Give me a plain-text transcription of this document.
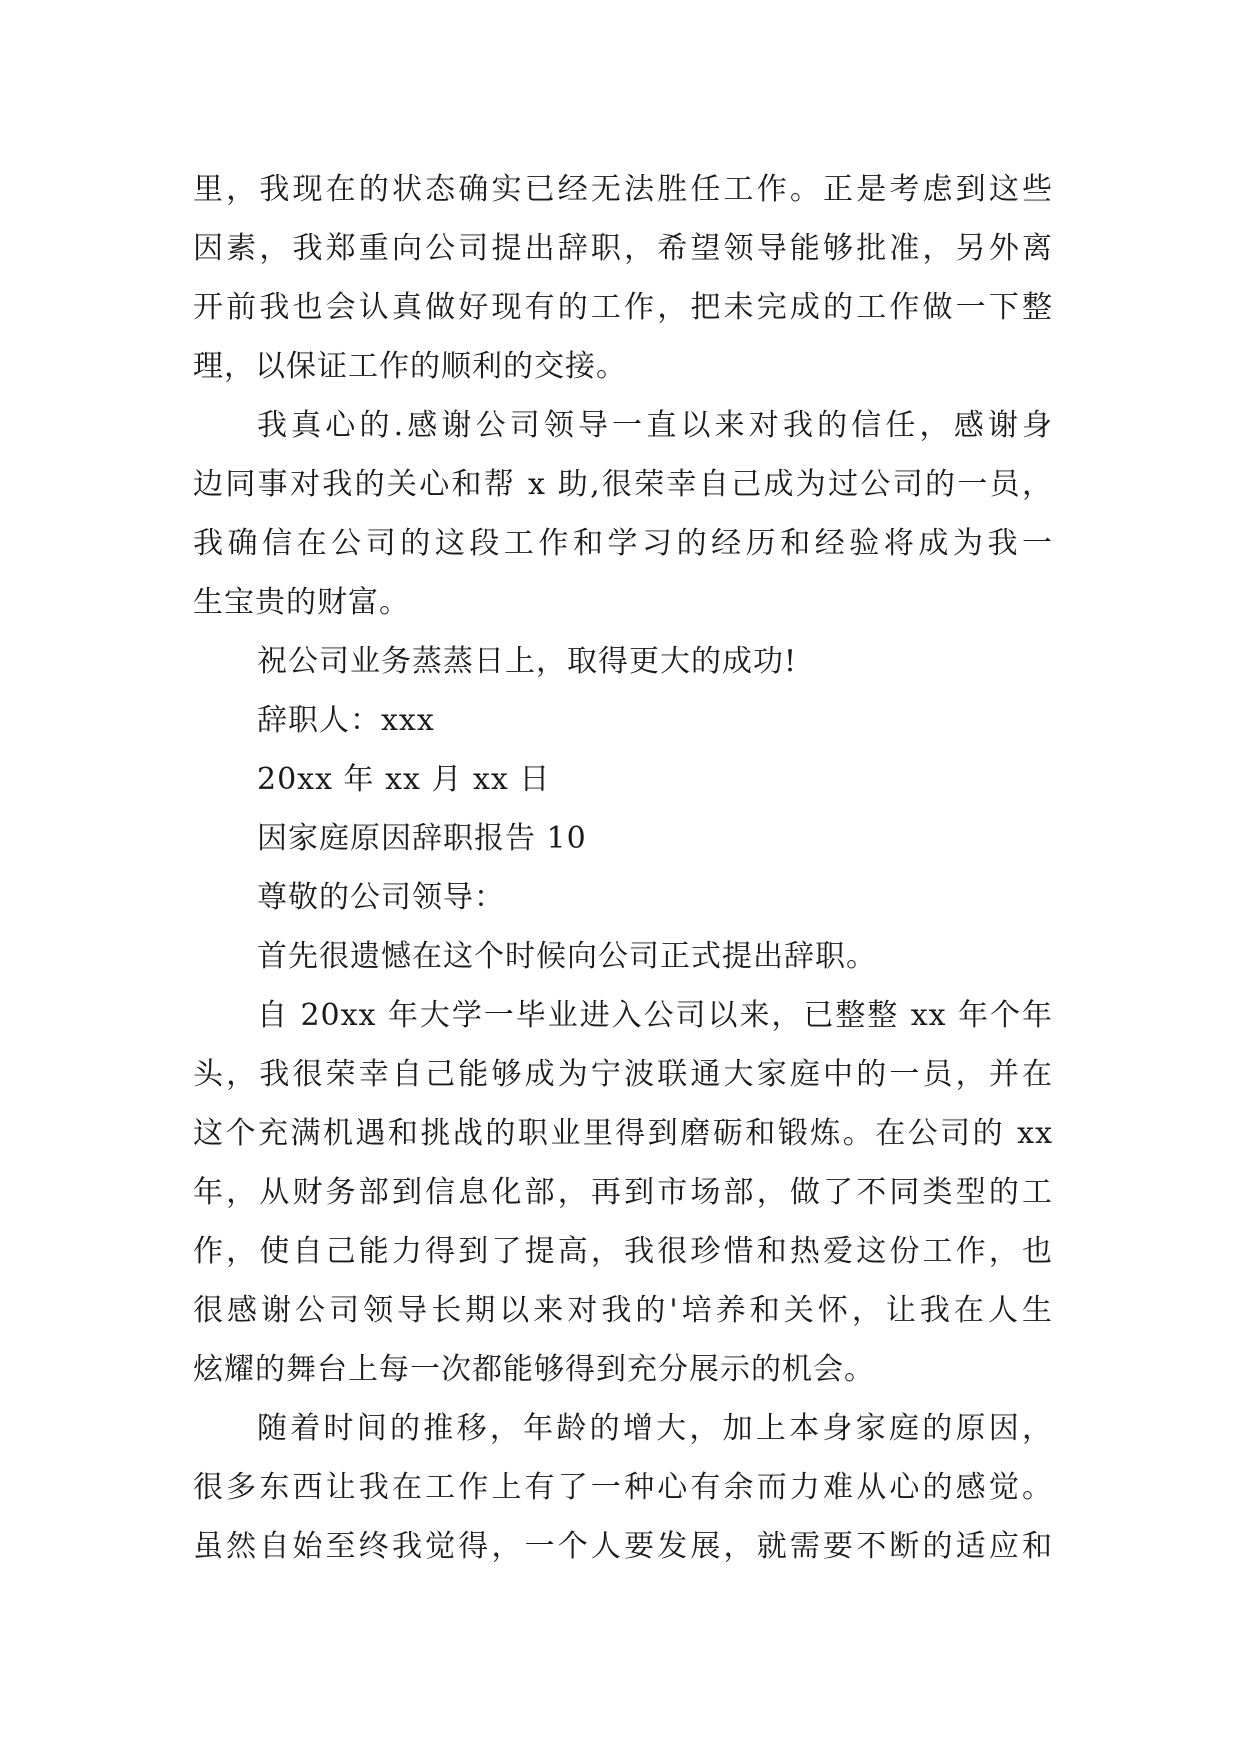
里，我现在的状态确实已经无法胜任工作。正是考虑到这些
因素，我郑重向公司提出辞职，希望领导能够批准，另外离
开前我也会认真做好现有的工作，把未完成的工作做一下整
理，以保证工作的顺利的交接。
我真心的.感谢公司领导一直以来对我的信任，感谢身
边同事对我的关心和帮 x 助,很荣幸自己成为过公司的一员，
我确信在公司的这段工作和学习的经历和经验将成为我一
生宝贵的财富。
祝公司业务蒸蒸日上，取得更大的成功!
辞职人：xxx
20xx 年 xx 月 xx 日
因家庭原因辞职报告 10
尊敬的公司领导：
首先很遗憾在这个时候向公司正式提出辞职。
自 20xx 年大学一毕业进入公司以来，已整整 xx 年个年
头，我很荣幸自己能够成为宁波联通大家庭中的一员，并在
这个充满机遇和挑战的职业里得到磨砺和锻炼。在公司的 xx
年，从财务部到信息化部，再到市场部，做了不同类型的工
作，使自己能力得到了提高，我很珍惜和热爱这份工作，也
很感谢公司领导长期以来对我的'培养和关怀，让我在人生
炫耀的舞台上每一次都能够得到充分展示的机会。
随着时间的推移，年龄的增大，加上本身家庭的原因，
很多东西让我在工作上有了一种心有余而力难从心的感觉。
虽然自始至终我觉得，一个人要发展，就需要不断的适应和
